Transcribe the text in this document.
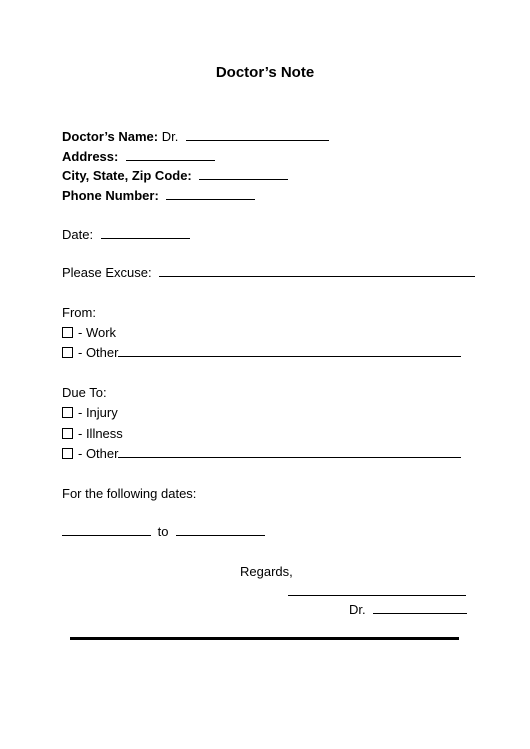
Doctor’s Note
Doctor’s Name: Dr.
Address:
City, State, Zip Code:
Phone Number:
Date:
Please Excuse:
From:
- Work
- Other
Due To:
- Injury
- Illness
- Other
For the following dates:
to
Regards,
Dr.
